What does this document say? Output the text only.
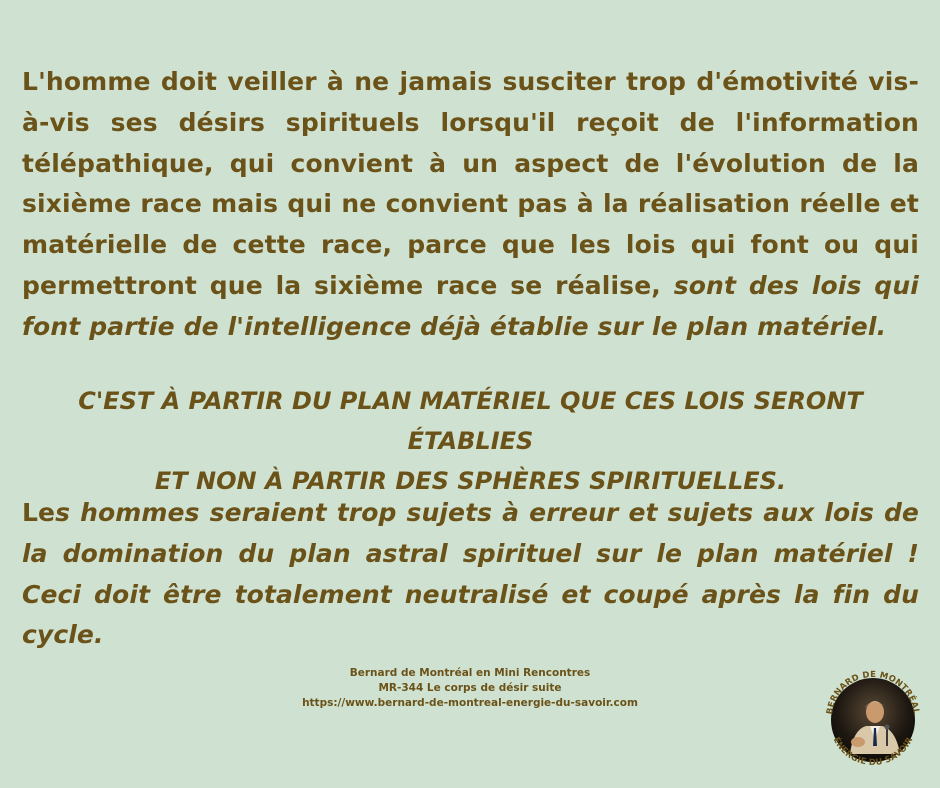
L'homme doit veiller à ne jamais susciter trop d'émotivité vis-à-vis ses désirs spirituels lorsqu'il reçoit de l'information télépathique, qui convient à un aspect de l'évolution de la sixième race mais qui ne convient pas à la réalisation réelle et matérielle de cette race, parce que les lois qui font ou qui permettront que la sixième race se réalise, sont des lois qui font partie de l'intelligence déjà établie sur le plan matériel.

C'EST À PARTIR DU PLAN MATÉRIEL QUE CES LOIS SERONT ÉTABLIES
ET NON À PARTIR DES SPHÈRES SPIRITUELLES.

Les hommes seraient trop sujets à erreur et sujets aux lois de la domination du plan astral spirituel sur le plan matériel ! Ceci doit être totalement neutralisé et coupé après la fin du cycle.

Bernard de Montréal en Mini Rencontres
MR-344 Le corps de désir suite
https://www.bernard-de-montreal-energie-du-savoir.com
BERNARD DE MONTRÉAL
ÉNERGIE DU SAVOIR
